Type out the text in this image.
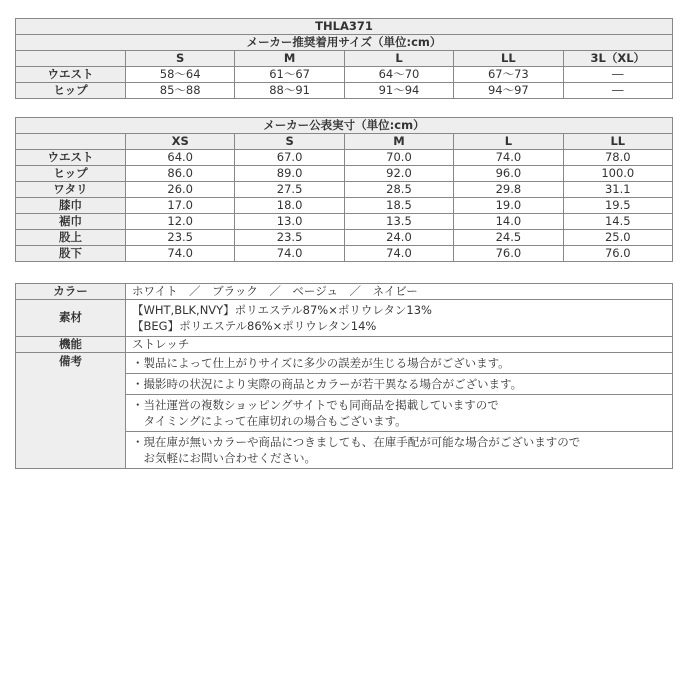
THLA371					
メーカー推奨着用サイズ（単位:cm）					
	S	M	L	LL	3L（XL）
ウエスト	58～64	61～67	64～70	67～73	―
ヒップ	85～88	88～91	91～94	94～97	―
メーカー公表実寸（単位:cm）					
	XS	S	M	L	LL
ウエスト	64.0	67.0	70.0	74.0	78.0
ヒップ	86.0	89.0	92.0	96.0	100.0
ワタリ	26.0	27.5	28.5	29.8	31.1
膝巾	17.0	18.0	18.5	19.0	19.5
裾巾	12.0	13.0	13.5	14.0	14.5
股上	23.5	23.5	24.0	24.5	25.0
股下	74.0	74.0	74.0	76.0	76.0
カラー	ホワイト　／　ブラック　／　ベージュ　／　ネイビー
素材	【WHT,BLK,NVY】ポリエステル87%×ポリウレタン13%
【BEG】ポリエステル86%×ポリウレタン14%

機能	ストレッチ
備考	・製品によって仕上がりサイズに多少の誤差が生じる場合がございます。

	・撮影時の状況により実際の商品とカラーが若干異なる場合がございます。

	・当社運営の複数ショッピングサイトでも同商品を掲載していますので
　タイミングによって在庫切れの場合もございます。

	・現在庫が無いカラーや商品につきましても、在庫手配が可能な場合がございますので
　お気軽にお問い合わせください。
